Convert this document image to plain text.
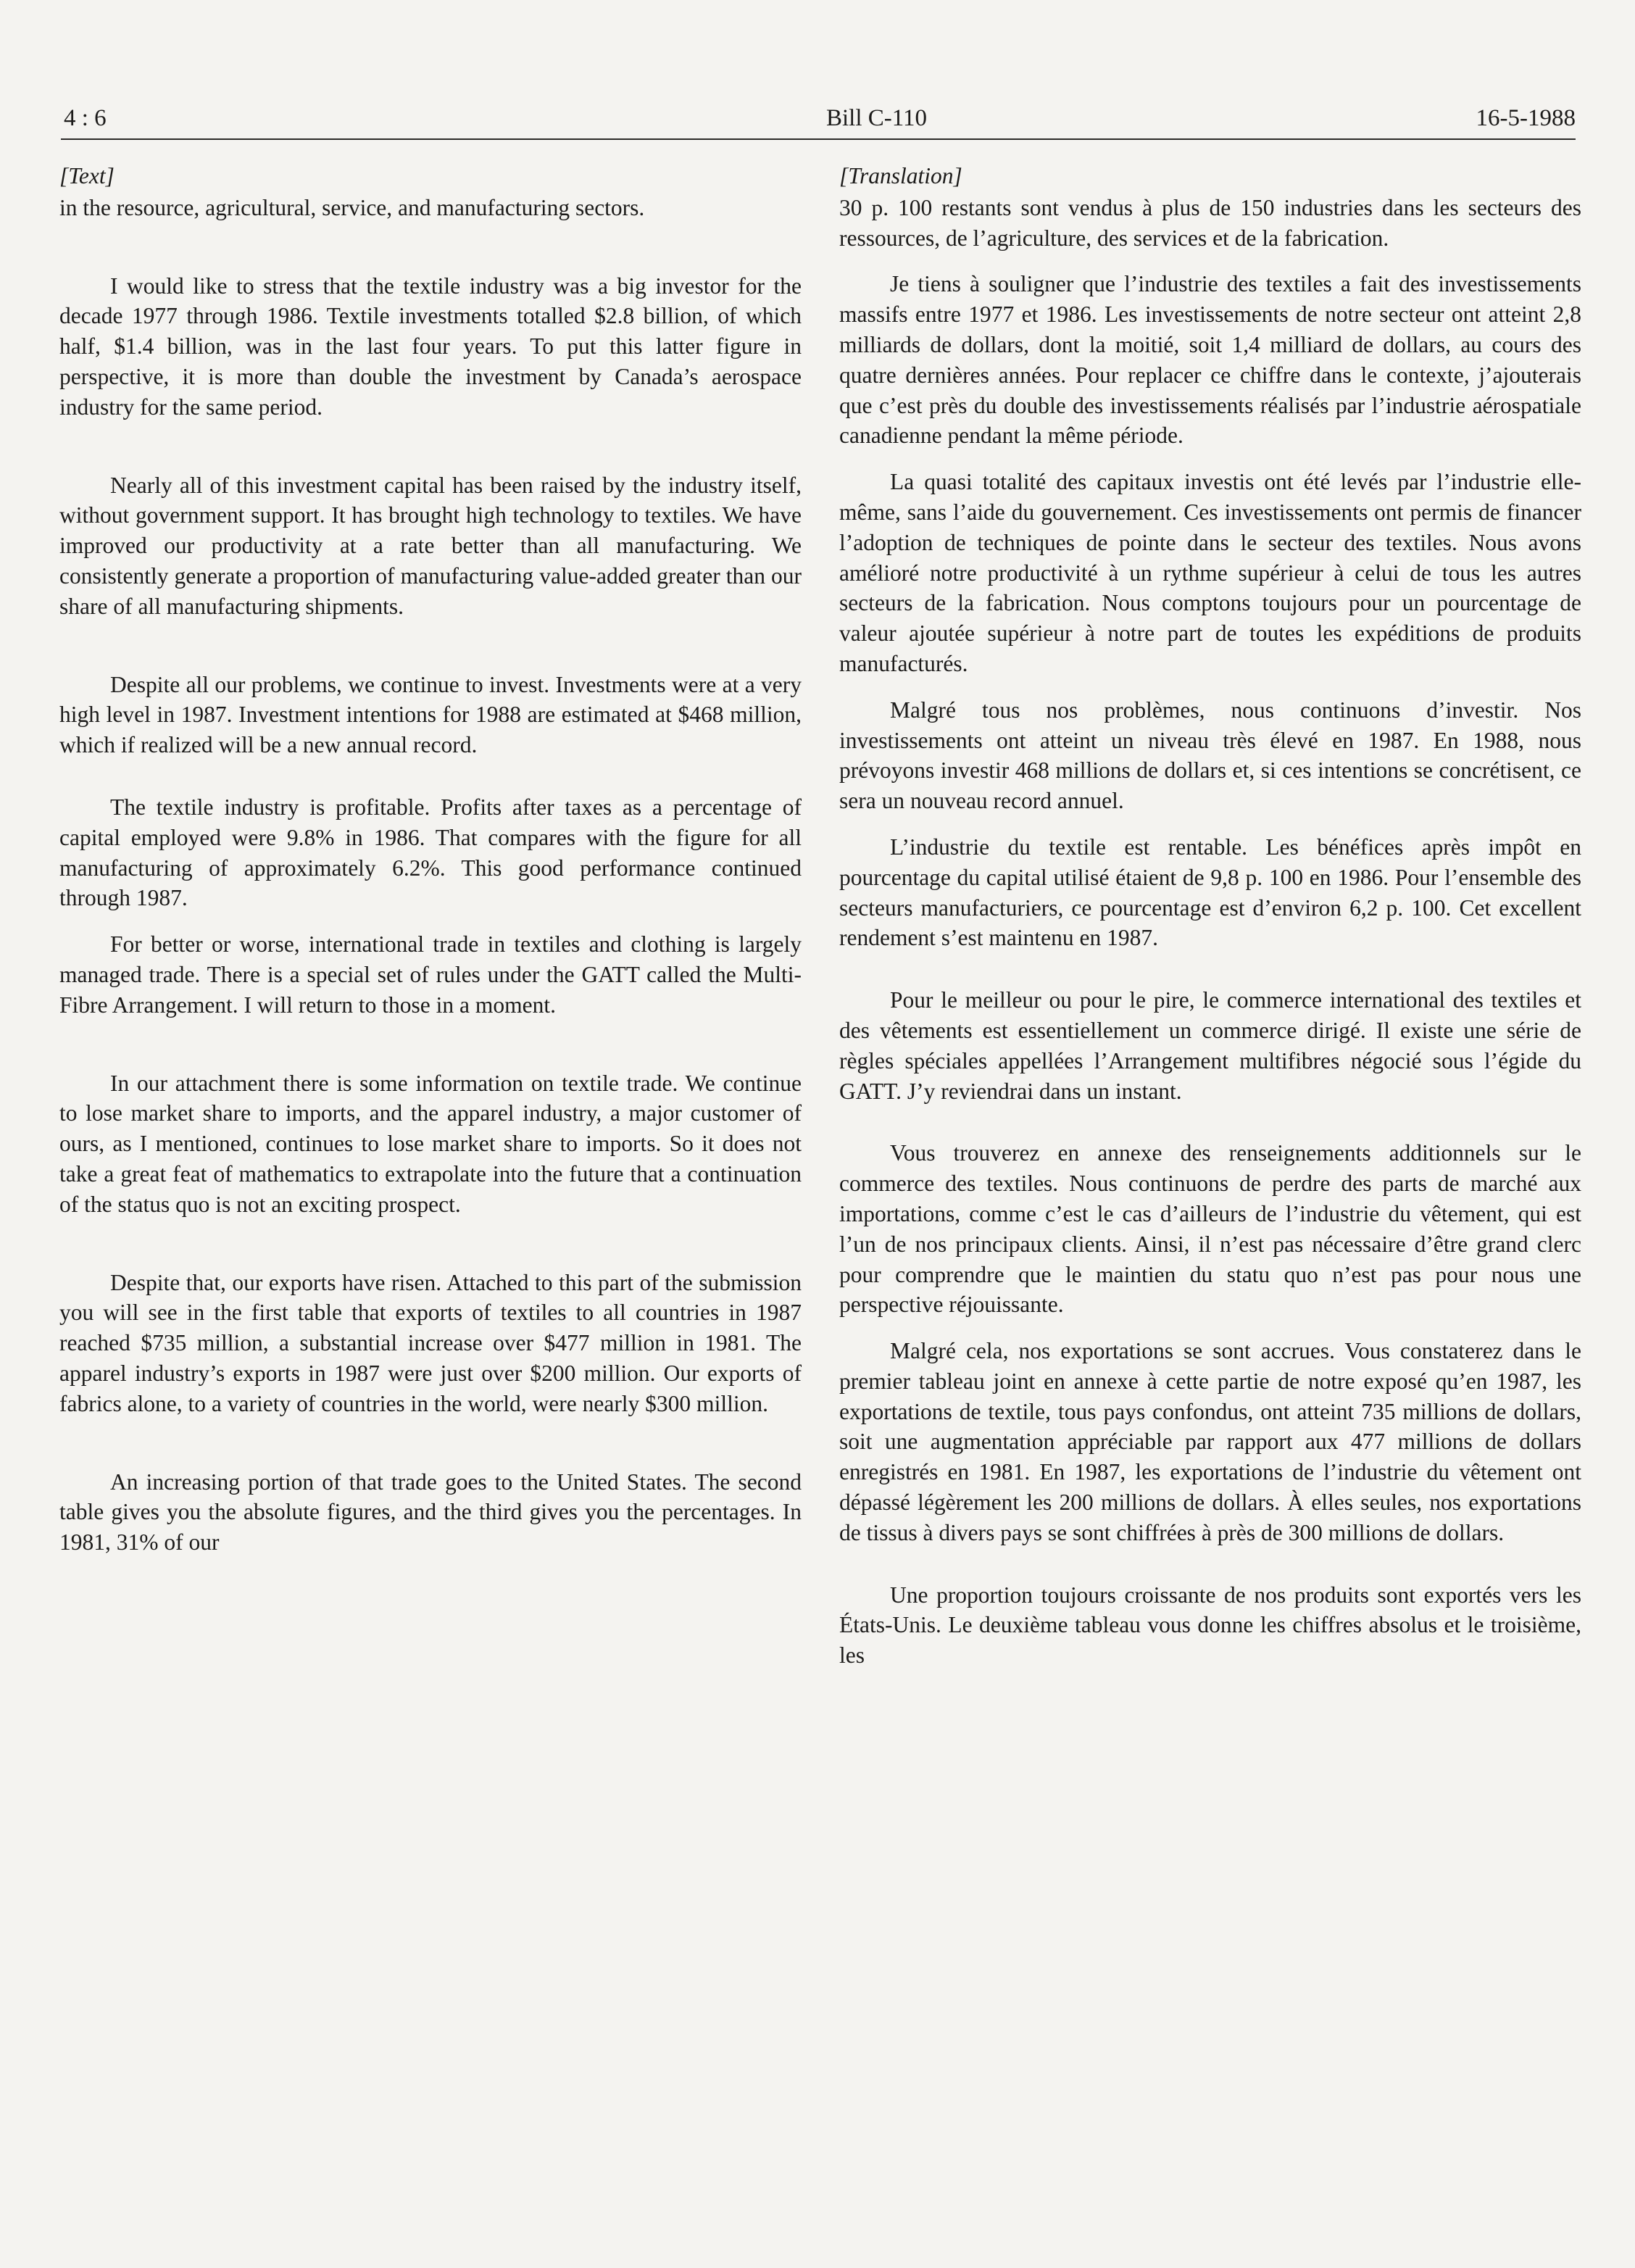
4 : 6	Bill C-110	16-5-1988
[Text]

in the resource, agricultural, service, and manufacturing sectors.

I would like to stress that the textile industry was a big investor for the decade 1977 through 1986. Textile investments totalled $2.8 billion, of which half, $1.4 billion, was in the last four years. To put this latter figure in perspective, it is more than double the investment by Canada’s aerospace industry for the same period.

Nearly all of this investment capital has been raised by the industry itself, without government support. It has brought high technology to textiles. We have improved our productivity at a rate better than all manufacturing. We consistently generate a proportion of manufacturing value-added greater than our share of all manufacturing shipments.

Despite all our problems, we continue to invest. Investments were at a very high level in 1987. Investment intentions for 1988 are estimated at $468 million, which if realized will be a new annual record.

The textile industry is profitable. Profits after taxes as a percentage of capital employed were 9.8% in 1986. That compares with the figure for all manufacturing of approximately 6.2%. This good performance continued through 1987.

For better or worse, international trade in textiles and clothing is largely managed trade. There is a special set of rules under the GATT called the Multi-Fibre Arrangement. I will return to those in a moment.

In our attachment there is some information on textile trade. We continue to lose market share to imports, and the apparel industry, a major customer of ours, as I mentioned, continues to lose market share to imports. So it does not take a great feat of mathematics to extrapolate into the future that a continuation of the status quo is not an exciting prospect.

Despite that, our exports have risen. Attached to this part of the submission you will see in the first table that exports of textiles to all countries in 1987 reached $735 million, a substantial increase over $477 million in 1981. The apparel industry’s exports in 1987 were just over $200 million. Our exports of fabrics alone, to a variety of countries in the world, were nearly $300 million.

An increasing portion of that trade goes to the United States. The second table gives you the absolute figures, and the third gives you the percentages. In 1981, 31% of our

[Translation]

30 p. 100 restants sont vendus à plus de 150 industries dans les secteurs des ressources, de l’agriculture, des services et de la fabrication.

Je tiens à souligner que l’industrie des textiles a fait des investissements massifs entre 1977 et 1986. Les investissements de notre secteur ont atteint 2,8 milliards de dollars, dont la moitié, soit 1,4 milliard de dollars, au cours des quatre dernières années. Pour replacer ce chiffre dans le contexte, j’ajouterais que c’est près du double des investissements réalisés par l’industrie aérospatiale canadienne pendant la même période.

La quasi totalité des capitaux investis ont été levés par l’industrie elle-même, sans l’aide du gouvernement. Ces investissements ont permis de financer l’adoption de techniques de pointe dans le secteur des textiles. Nous avons amélioré notre productivité à un rythme supérieur à celui de tous les autres secteurs de la fabrication. Nous comptons toujours pour un pourcentage de valeur ajoutée supérieur à notre part de toutes les expéditions de produits manufacturés.

Malgré tous nos problèmes, nous continuons d’investir. Nos investissements ont atteint un niveau très élevé en 1987. En 1988, nous prévoyons investir 468 millions de dollars et, si ces intentions se concrétisent, ce sera un nouveau record annuel.

L’industrie du textile est rentable. Les bénéfices après impôt en pourcentage du capital utilisé étaient de 9,8 p. 100 en 1986. Pour l’ensemble des secteurs manufacturiers, ce pourcentage est d’environ 6,2 p. 100. Cet excellent rendement s’est maintenu en 1987.

Pour le meilleur ou pour le pire, le commerce international des textiles et des vêtements est essentiellement un commerce dirigé. Il existe une série de règles spéciales appellées l’Arrangement multifibres négocié sous l’égide du GATT. J’y reviendrai dans un instant.

Vous trouverez en annexe des renseignements additionnels sur le commerce des textiles. Nous continuons de perdre des parts de marché aux importations, comme c’est le cas d’ailleurs de l’industrie du vêtement, qui est l’un de nos principaux clients. Ainsi, il n’est pas nécessaire d’être grand clerc pour comprendre que le maintien du statu quo n’est pas pour nous une perspective réjouissante.

Malgré cela, nos exportations se sont accrues. Vous constaterez dans le premier tableau joint en annexe à cette partie de notre exposé qu’en 1987, les exportations de textile, tous pays confondus, ont atteint 735 millions de dollars, soit une augmentation appréciable par rapport aux 477 millions de dollars enregistrés en 1981. En 1987, les exportations de l’industrie du vêtement ont dépassé légèrement les 200 millions de dollars. À elles seules, nos exportations de tissus à divers pays se sont chiffrées à près de 300 millions de dollars.

Une proportion toujours croissante de nos produits sont exportés vers les États-Unis. Le deuxième tableau vous donne les chiffres absolus et le troisième, les
